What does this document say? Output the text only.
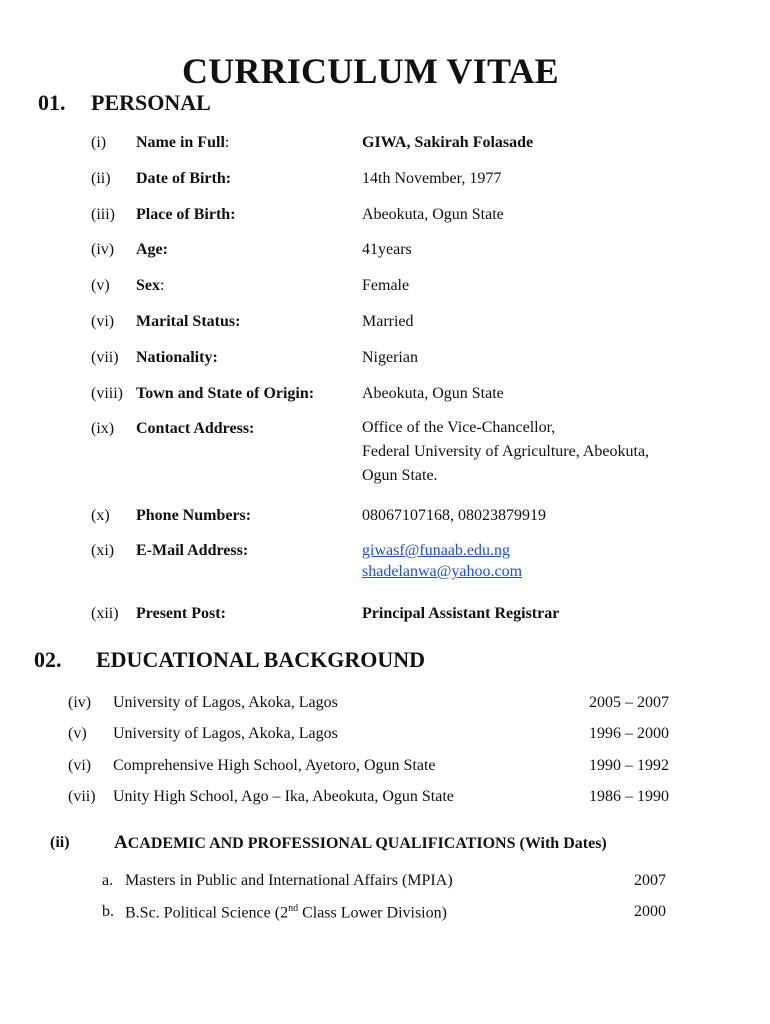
CURRICULUM VITAE
01. PERSONAL
(i) Name in Full:	GIWA, Sakirah Folasade
(ii) Date of Birth:	14th November, 1977
(iii) Place of Birth:	Abeokuta, Ogun State
(iv) Age:	41years
(v) Sex:	Female
(vi) Marital Status:	Married
(vii) Nationality:	Nigerian
(viii) Town and State of Origin:	Abeokuta, Ogun State
(ix) Contact Address:	Office of the Vice-Chancellor,
Federal University of Agriculture, Abeokuta,
Ogun State.
(x) Phone Numbers:	08067107168, 08023879919
(xi) E-Mail Address:	giwasf@funaab.edu.ng
shadelanwa@yahoo.com
(xii) Present Post:	Principal Assistant Registrar
02. EDUCATIONAL BACKGROUND
(iv) University of Lagos, Akoka, Lagos	2005 – 2007
(v) University of Lagos, Akoka, Lagos	1996 – 2000
(vi) Comprehensive High School, Ayetoro, Ogun State	1990 – 1992
(vii) Unity High School, Ago – Ika, Abeokuta, Ogun State	1986 – 1990
(ii) ACADEMIC AND PROFESSIONAL QUALIFICATIONS (With Dates)
a. Masters in Public and International Affairs (MPIA)	2007
b. B.Sc. Political Science (2nd Class Lower Division)	2000
